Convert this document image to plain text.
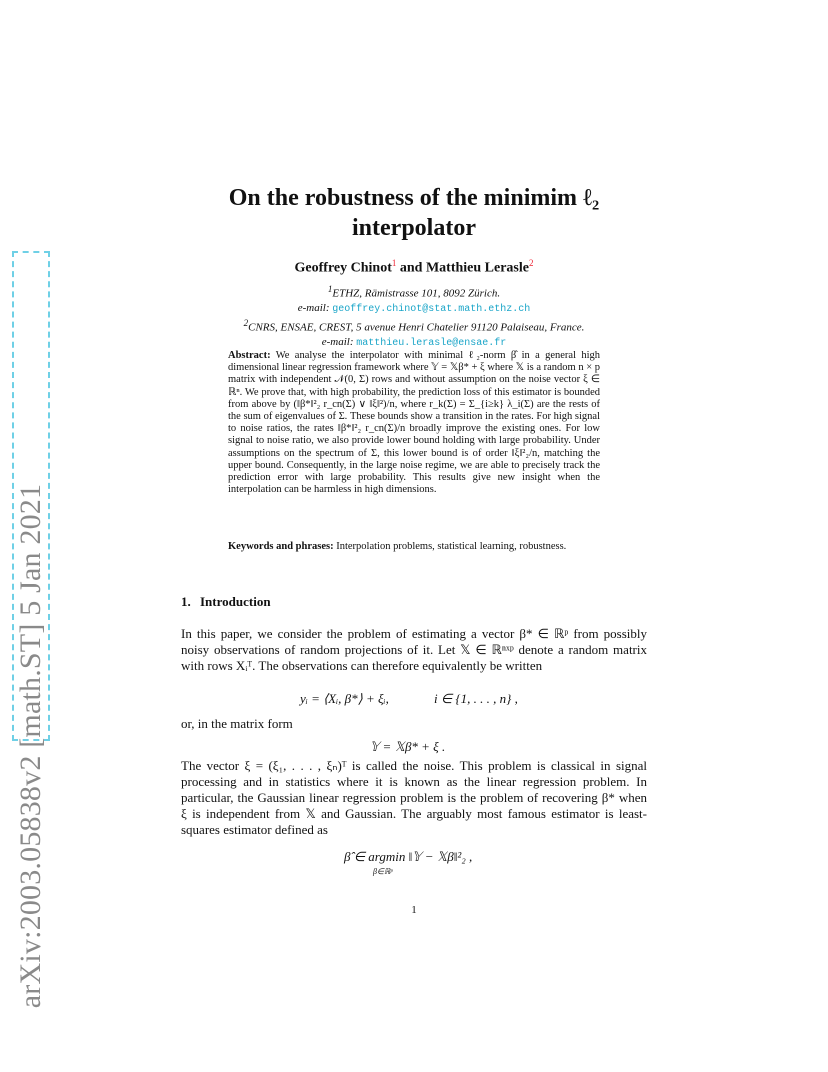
arXiv:2003.05838v2 [math.ST] 5 Jan 2021
On the robustness of the minimim ℓ₂
interpolator
Geoffrey Chinot$^1$ and Matthieu Lerasle$^2$
$^1$ETHZ, Rämistrasse 101, 8092 Zürich.
e-mail: geoffrey.chinot@stat.math.ethz.ch
$^2$CNRS, ENSAE, CREST, 5 avenue Henri Chatelier 91120 Palaiseau, France.
e-mail: matthieu.lerasle@ensae.fr
Abstract: We analyse the interpolator with minimal ℓ₂-norm β̂ in a general high dimensional linear regression framework where 𝕐 = 𝕏β* + ξ where 𝕏 is a random n × p matrix with independent 𝒩(0, Σ) rows and without assumption on the noise vector ξ ∈ ℝⁿ. We prove that, with high probability, the prediction loss of this estimator is bounded from above by (‖β*‖²₂ r_cn(Σ) ∨ ‖ξ‖²)/n, where r_k(Σ) = Σ_{i≥k} λ_i(Σ) are the rests of the sum of eigenvalues of Σ. These bounds show a transition in the rates. For high signal to noise ratios, the rates ‖β*‖²₂ r_cn(Σ)/n broadly improve the existing ones. For low signal to noise ratio, we also provide lower bound holding with large probability. Under assumptions on the spectrum of Σ, this lower bound is of order ‖ξ‖²₂/n, matching the upper bound. Consequently, in the large noise regime, we are able to precisely track the prediction error with large probability. This results give new insight when the interpolation can be harmless in high dimensions.
Keywords and phrases: Interpolation problems, statistical learning, robustness.
1. Introduction
In this paper, we consider the problem of estimating a vector β* ∈ ℝᵖ from possibly noisy observations of random projections of it. Let 𝕏 ∈ ℝⁿˣᵖ denote a random matrix with rows Xᵢᵀ. The observations can therefore equivalently be written
yᵢ = ⟨Xᵢ, β*⟩ + ξᵢ,	i ∈ {1, . . . , n} ,
or, in the matrix form
𝕐 = 𝕏β* + ξ .
The vector ξ = (ξ₁, . . . , ξₙ)ᵀ is called the noise. This problem is classical in signal processing and in statistics where it is known as the linear regression problem. In particular, the Gaussian linear regression problem is the problem of recovering β* when ξ is independent from 𝕏 and Gaussian. The arguably most famous estimator is least-squares estimator defined as
β̂ ∈ argmin ‖𝕐 − 𝕏β‖²₂ ,
β∈ℝᵖ
1
